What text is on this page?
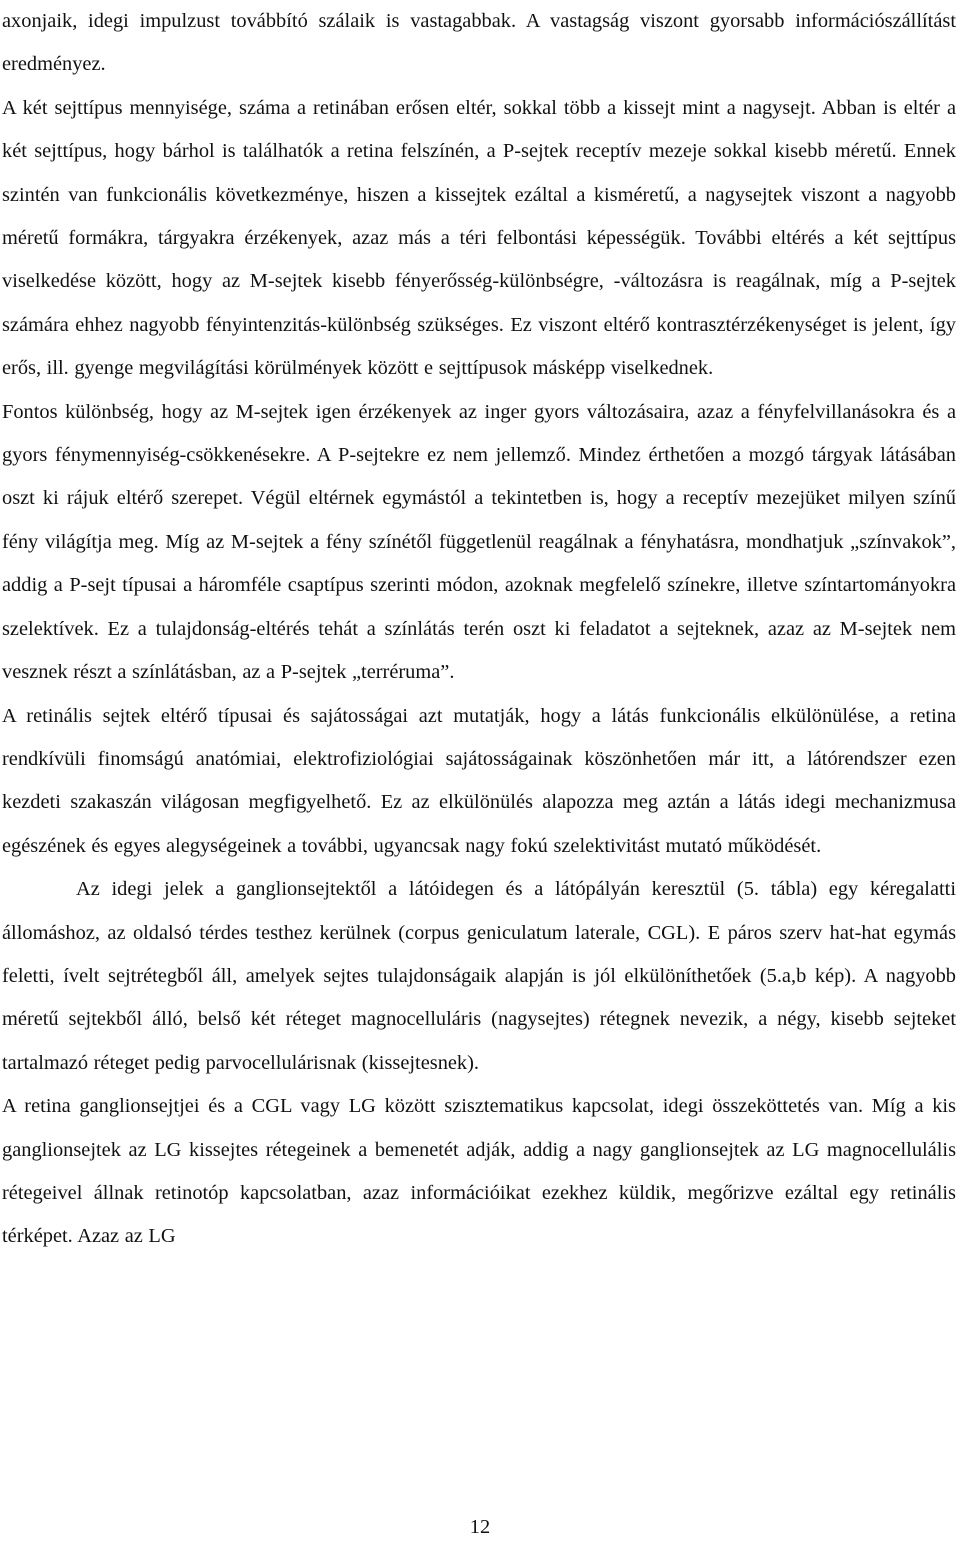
axonjaik, idegi impulzust továbbító szálaik is vastagabbak. A vastagság viszont gyorsabb információszállítást eredményez.

A két sejttípus mennyisége, száma a retinában erősen eltér, sokkal több a kissejt mint a nagysejt. Abban is eltér a két sejttípus, hogy bárhol is találhatók a retina felszínén, a P-sejtek receptív mezeje sokkal kisebb méretű. Ennek szintén van funkcionális következménye, hiszen a kissejtek ezáltal a kisméretű, a nagysejtek viszont a nagyobb méretű formákra, tárgyakra érzékenyek, azaz más a téri felbontási képességük. További eltérés a két sejttípus viselkedése között, hogy az M-sejtek kisebb fényerősség-különbségre, -változásra is reagálnak, míg a P-sejtek számára ehhez nagyobb fényintenzitás-különbség szükséges. Ez viszont eltérő kontrasztérzékenységet is jelent, így erős, ill. gyenge megvilágítási körülmények között e sejttípusok másképp viselkednek.

Fontos különbség, hogy az M-sejtek igen érzékenyek az inger gyors változásaira, azaz a fényfelvillanásokra és a gyors fénymennyiség-csökkenésekre. A P-sejtekre ez nem jellemző. Mindez érthetően a mozgó tárgyak látásában oszt ki rájuk eltérő szerepet. Végül eltérnek egymástól a tekintetben is, hogy a receptív mezejüket milyen színű fény világítja meg. Míg az M-sejtek a fény színétől függetlenül reagálnak a fényhatásra, mondhatjuk „színvakok”, addig a P-sejt típusai a háromféle csaptípus szerinti módon, azoknak megfelelő színekre, illetve színtartományokra szelektívek. Ez a tulajdonság-eltérés tehát a színlátás terén oszt ki feladatot a sejteknek, azaz az M-sejtek nem vesznek részt a színlátásban, az a P-sejtek „terréruma”.

A retinális sejtek eltérő típusai és sajátosságai azt mutatják, hogy a látás funkcionális elkülönülése, a retina rendkívüli finomságú anatómiai, elektrofiziológiai sajátosságainak köszönhetően már itt, a látórendszer ezen kezdeti szakaszán világosan megfigyelhető. Ez az elkülönülés alapozza meg aztán a látás idegi mechanizmusa egészének és egyes alegységeinek a további, ugyancsak nagy fokú szelektivitást mutató működését.

Az idegi jelek a ganglionsejtektől a látóidegen és a látópályán keresztül (5. tábla) egy kéregalatti állomáshoz, az oldalsó térdes testhez kerülnek (corpus geniculatum laterale, CGL). E páros szerv hat-hat egymás feletti, ívelt sejtrétegből áll, amelyek sejtes tulajdonságaik alapján is jól elkülöníthetőek (5.a,b kép). A nagyobb méretű sejtekből álló, belső két réteget magnocelluláris (nagysejtes) rétegnek nevezik, a négy, kisebb sejteket tartalmazó réteget pedig parvocellulárisnak (kissejtesnek).

A retina ganglionsejtjei és a CGL vagy LG között szisztematikus kapcsolat, idegi összeköttetés van. Míg a kis ganglionsejtek az LG kissejtes rétegeinek a bemenetét adják, addig a nagy ganglionsejtek az LG magnocellulális rétegeivel állnak retinotóp kapcsolatban, azaz információikat ezekhez küldik, megőrizve ezáltal egy retinális térképet. Azaz az LG

12
